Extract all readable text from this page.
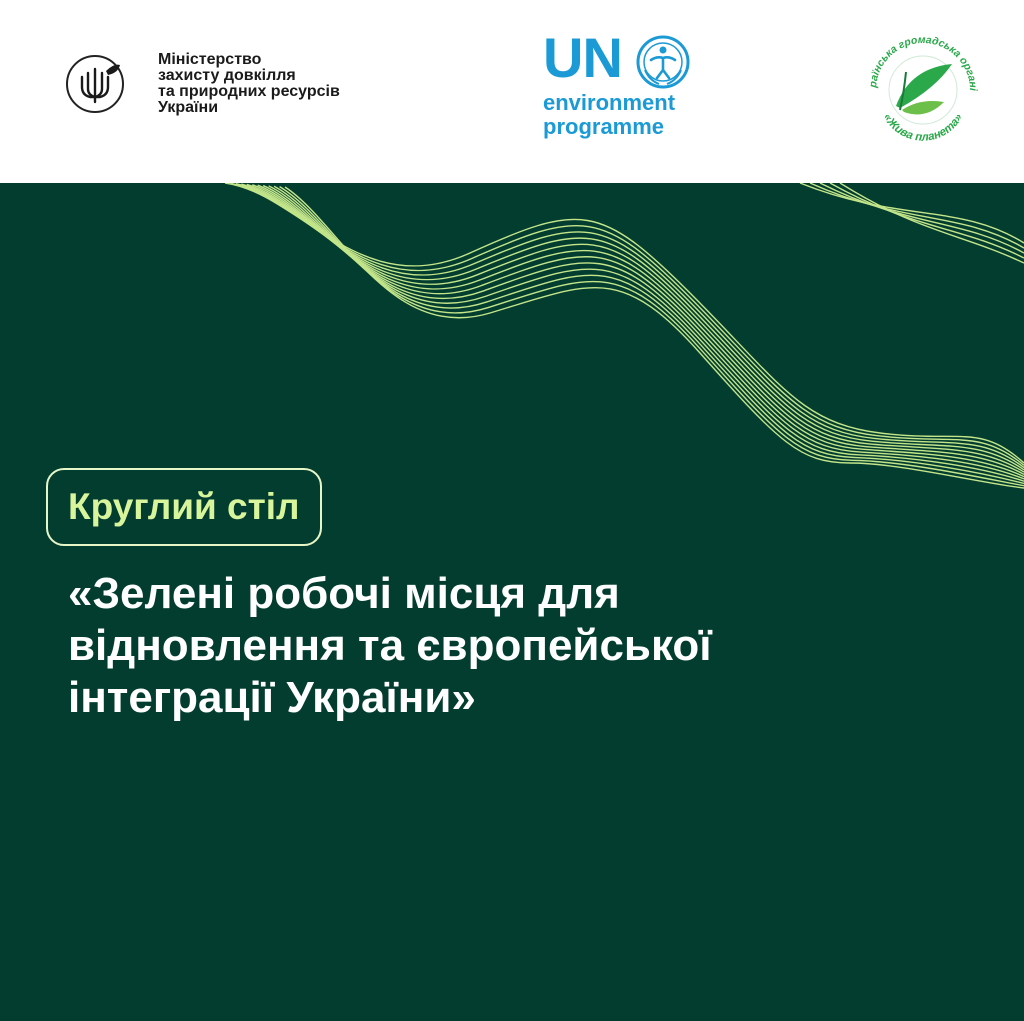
Міністерство
захисту довкілля
та природних ресурсів
України
UN
environment
programme
раїнська громадська органі
«Жива планета»
Круглий стіл
«Зелені робочі місця для
відновлення та європейської
інтеграції України»
